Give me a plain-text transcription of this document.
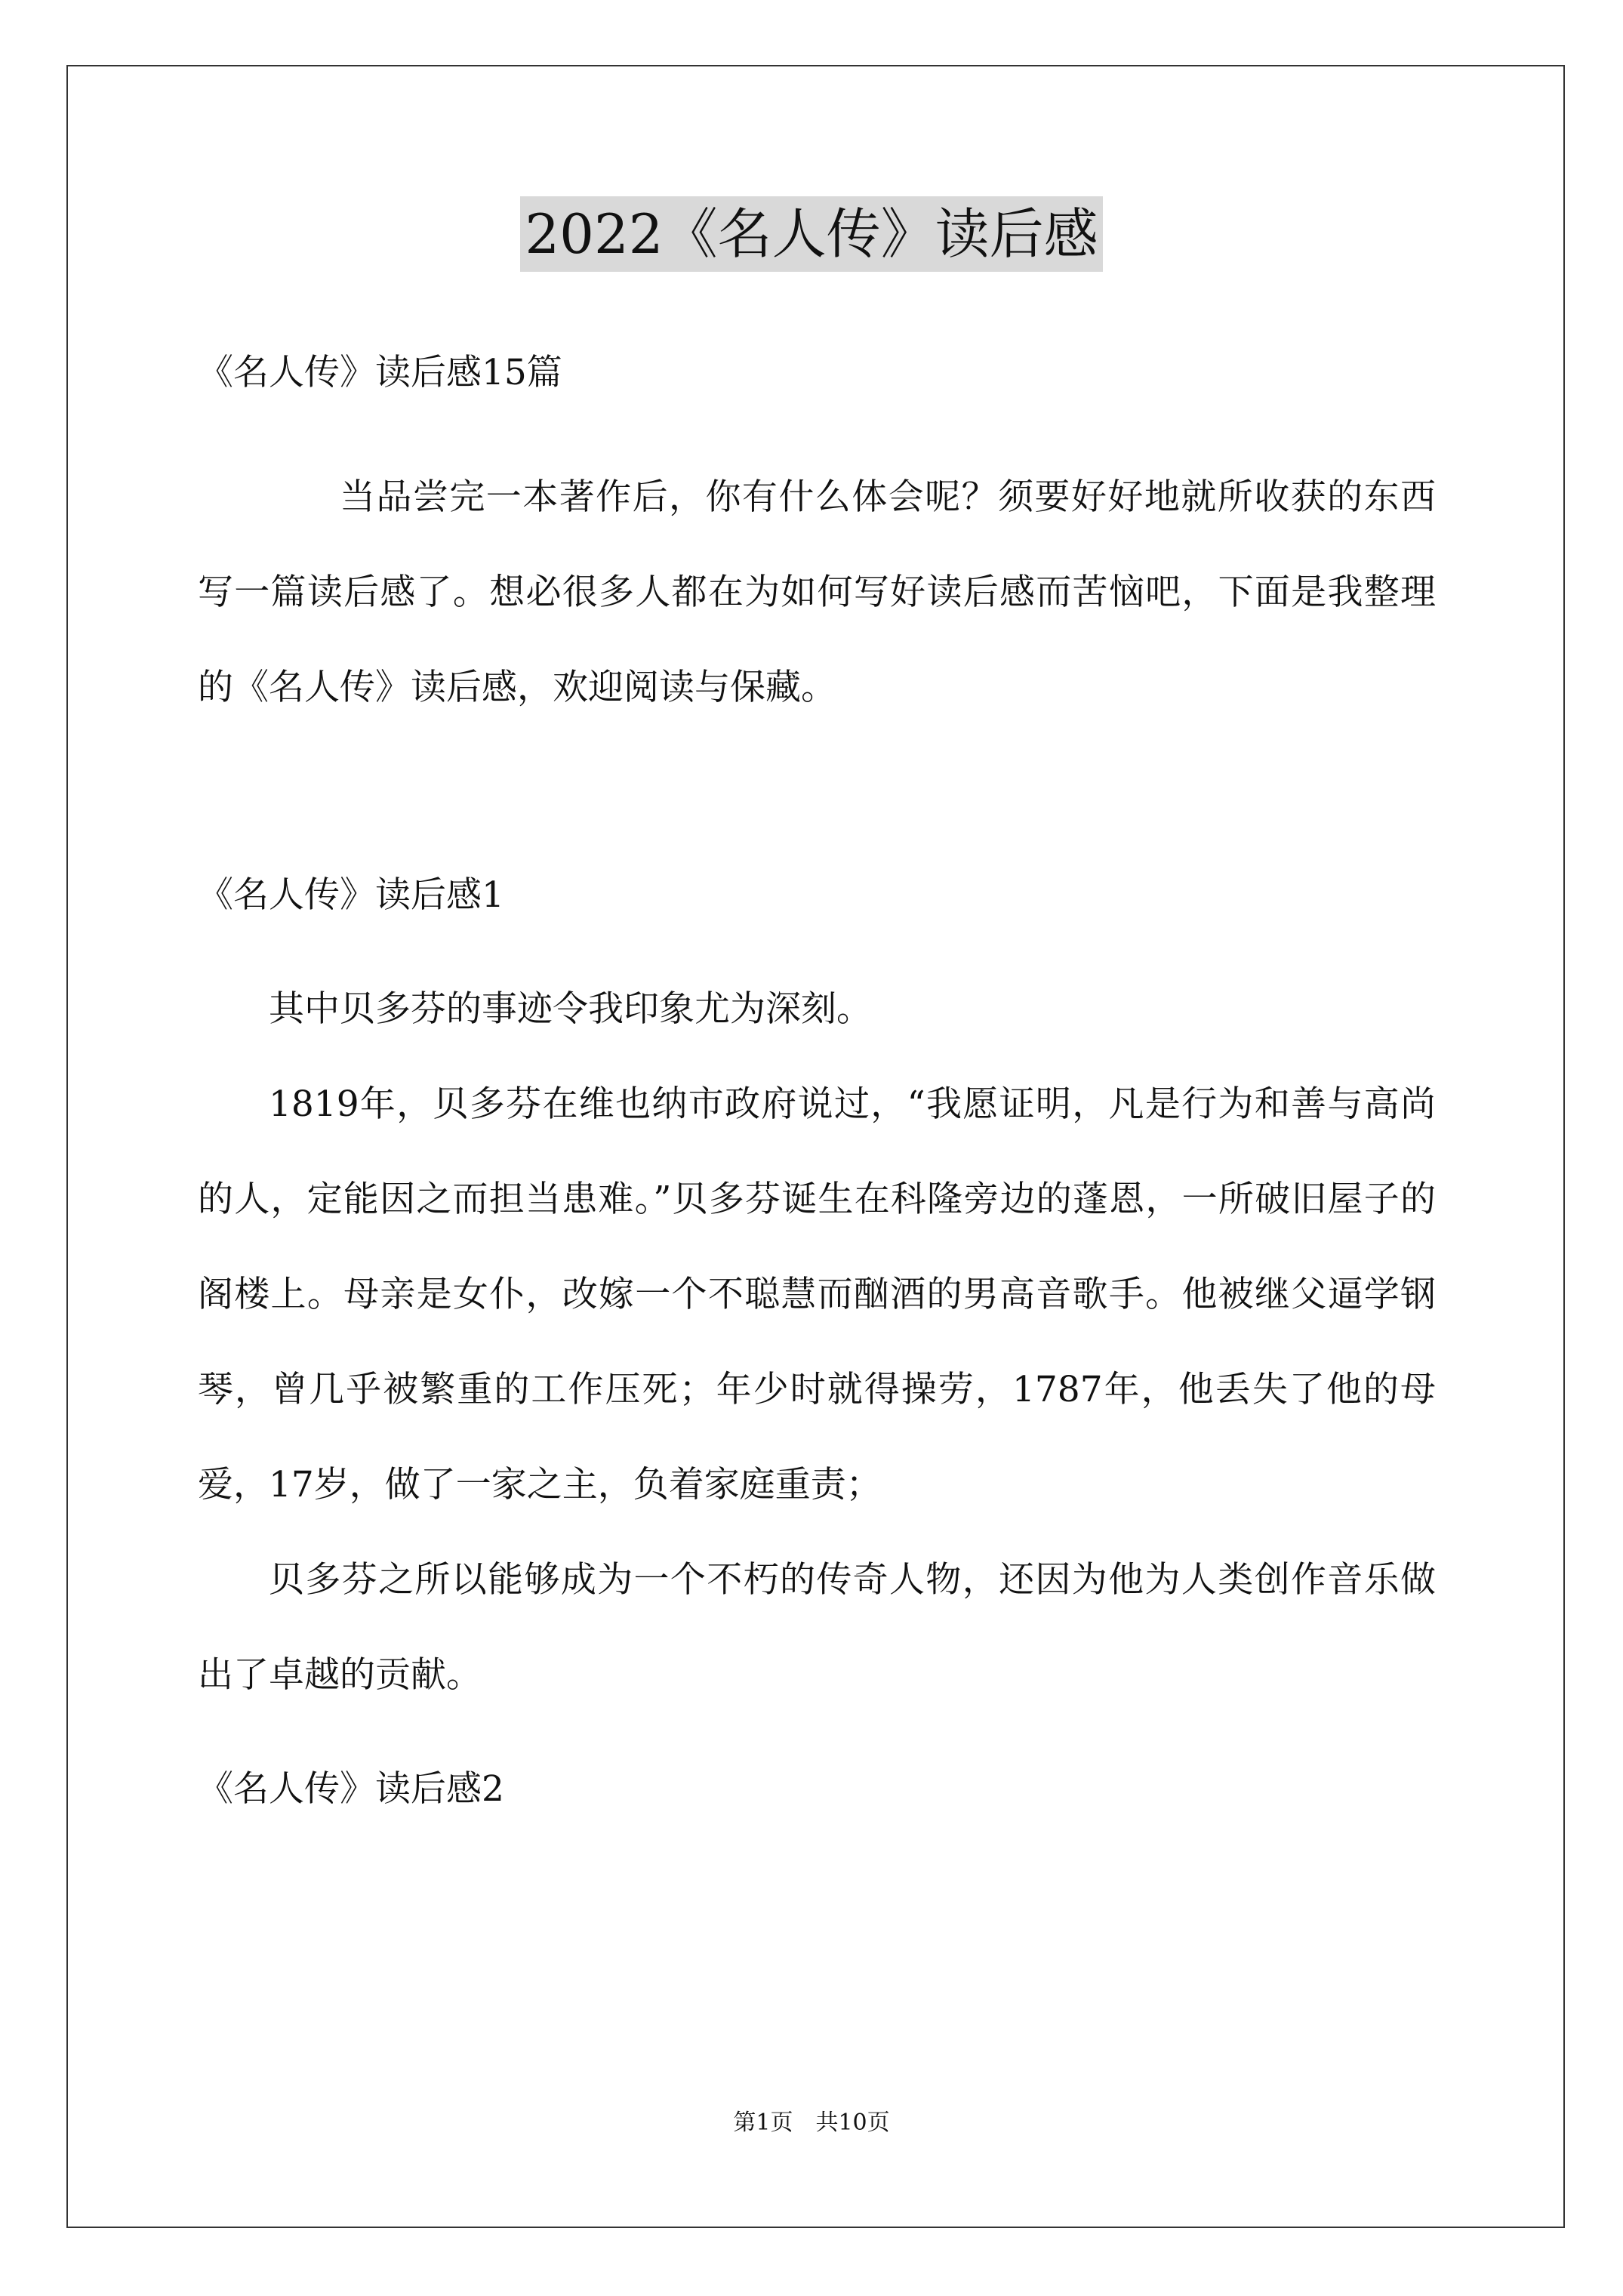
2022《名人传》读后感

《名人传》读后感15篇

当品尝完一本著作后，你有什么体会呢？须要好好地就所收获的东西写一篇读后感了。想必很多人都在为如何写好读后感而苦恼吧，下面是我整理的《名人传》读后感，欢迎阅读与保藏。

《名人传》读后感1

其中贝多芬的事迹令我印象尤为深刻。

1819年，贝多芬在维也纳市政府说过，“我愿证明，凡是行为和善与高尚的人，定能因之而担当患难。”贝多芬诞生在科隆旁边的蓬恩，一所破旧屋子的阁楼上。母亲是女仆，改嫁一个不聪慧而酗酒的男高音歌手。他被继父逼学钢琴，曾几乎被繁重的工作压死；年少时就得操劳，1787年，他丢失了他的母爱，17岁，做了一家之主，负着家庭重责；

贝多芬之所以能够成为一个不朽的传奇人物，还因为他为人类创作音乐做出了卓越的贡献。

《名人传》读后感2

第1页　共10页
